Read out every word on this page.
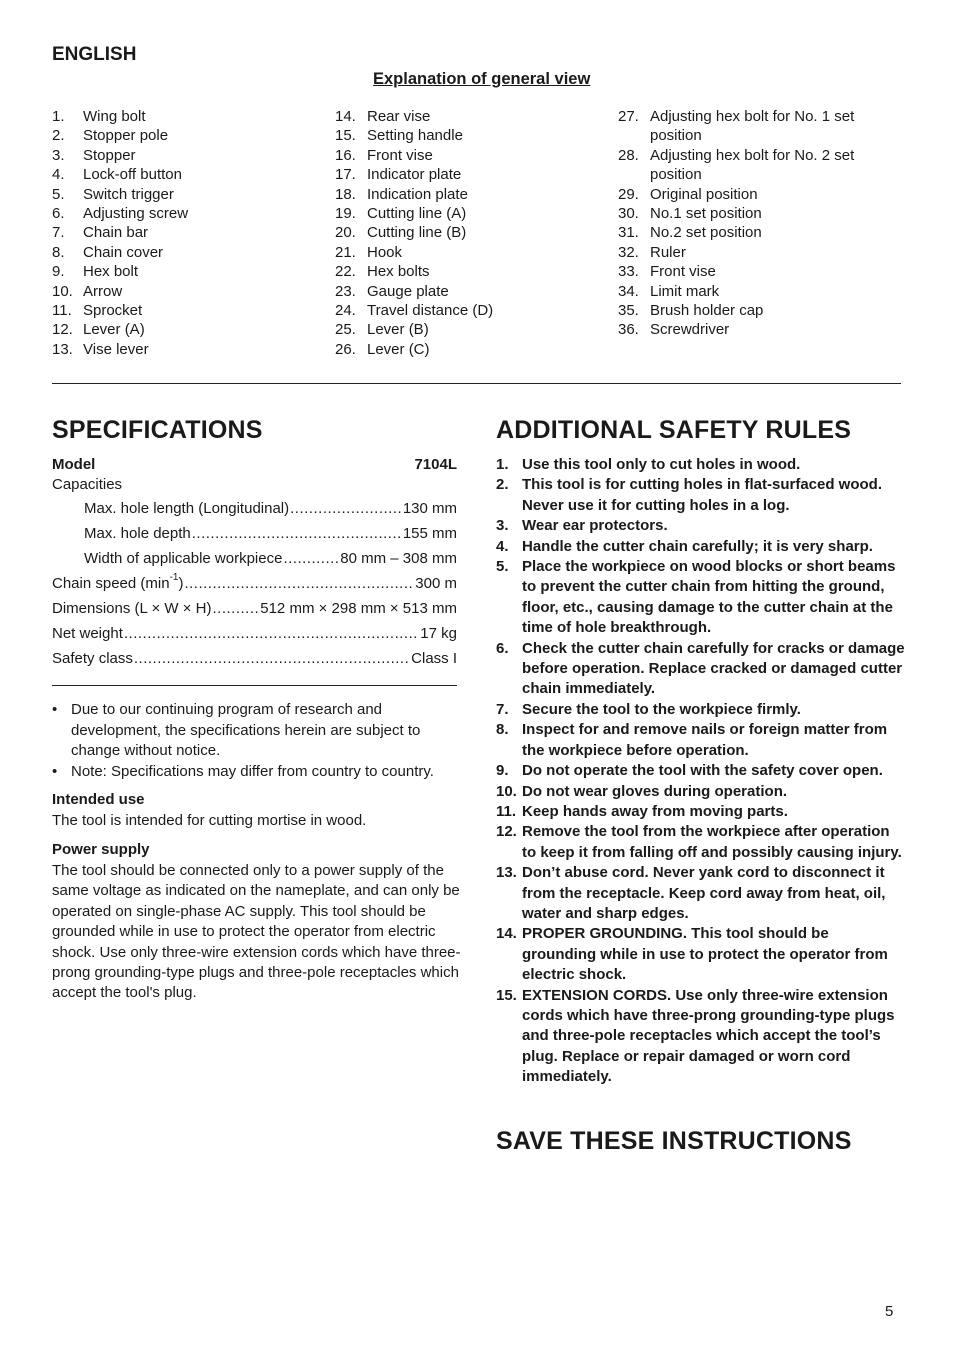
ENGLISH
Explanation of general view
1.	Wing bolt
2.	Stopper pole
3.	Stopper
4.	Lock-off button
5.	Switch trigger
6.	Adjusting screw
7.	Chain bar
8.	Chain cover
9.	Hex bolt
10. Arrow
11. Sprocket
12. Lever (A)
13. Vise lever
14. Rear vise
15. Setting handle
16. Front vise
17. Indicator plate
18. Indication plate
19. Cutting line (A)
20. Cutting line (B)
21. Hook
22. Hex bolts
23. Gauge plate
24. Travel distance (D)
25. Lever (B)
26. Lever (C)
27. Adjusting hex bolt for No. 1 set position
28. Adjusting hex bolt for No. 2 set position
29. Original position
30. No.1 set position
31. No.2 set position
32. Ruler
33. Front vise
34. Limit mark
35. Brush holder cap
36. Screwdriver
SPECIFICATIONS	ADDITIONAL SAFETY RULES
Model	7104L
Capacities
Max. hole length (Longitudinal) .....	130 mm
Max. hole depth .....	155 mm
Width of applicable workpiece .....	80 mm – 308 mm
Chain speed $(\min^{-1})$ .....	300 m
Dimensions (L × W × H) .....	512 mm × 298 mm × 513 mm
Net weight .....	17 kg
Safety class .....	Class I
• Due to our continuing program of research and development, the specifications herein are subject to change without notice.
• Note: Specifications may differ from country to country.
Intended use
The tool is intended for cutting mortise in wood.
Power supply
The tool should be connected only to a power supply of the same voltage as indicated on the nameplate, and can only be operated on single-phase AC supply. This tool should be grounded while in use to protect the operator from electric shock. Use only three-wire extension cords which have three-prong grounding-type plugs and three-pole receptacles which accept the tool's plug.
1. Use this tool only to cut holes in wood.
2. This tool is for cutting holes in flat-surfaced wood. Never use it for cutting holes in a log.
3. Wear ear protectors.
4. Handle the cutter chain carefully; it is very sharp.
5. Place the workpiece on wood blocks or short beams to prevent the cutter chain from hitting the ground, floor, etc., causing damage to the cutter chain at the time of hole breakthrough.
6. Check the cutter chain carefully for cracks or damage before operation. Replace cracked or damaged cutter chain immediately.
7. Secure the tool to the workpiece firmly.
8. Inspect for and remove nails or foreign matter from the workpiece before operation.
9. Do not operate the tool with the safety cover open.
10. Do not wear gloves during operation.
11. Keep hands away from moving parts.
12. Remove the tool from the workpiece after operation to keep it from falling off and possibly causing injury.
13. Don’t abuse cord. Never yank cord to disconnect it from the receptacle. Keep cord away from heat, oil, water and sharp edges.
14. PROPER GROUNDING. This tool should be grounding while in use to protect the operator from electric shock.
15. EXTENSION CORDS. Use only three-wire extension cords which have three-prong grounding-type plugs and three-pole receptacles which accept the tool’s plug. Replace or repair damaged or worn cord immediately.
SAVE THESE INSTRUCTIONS
5
